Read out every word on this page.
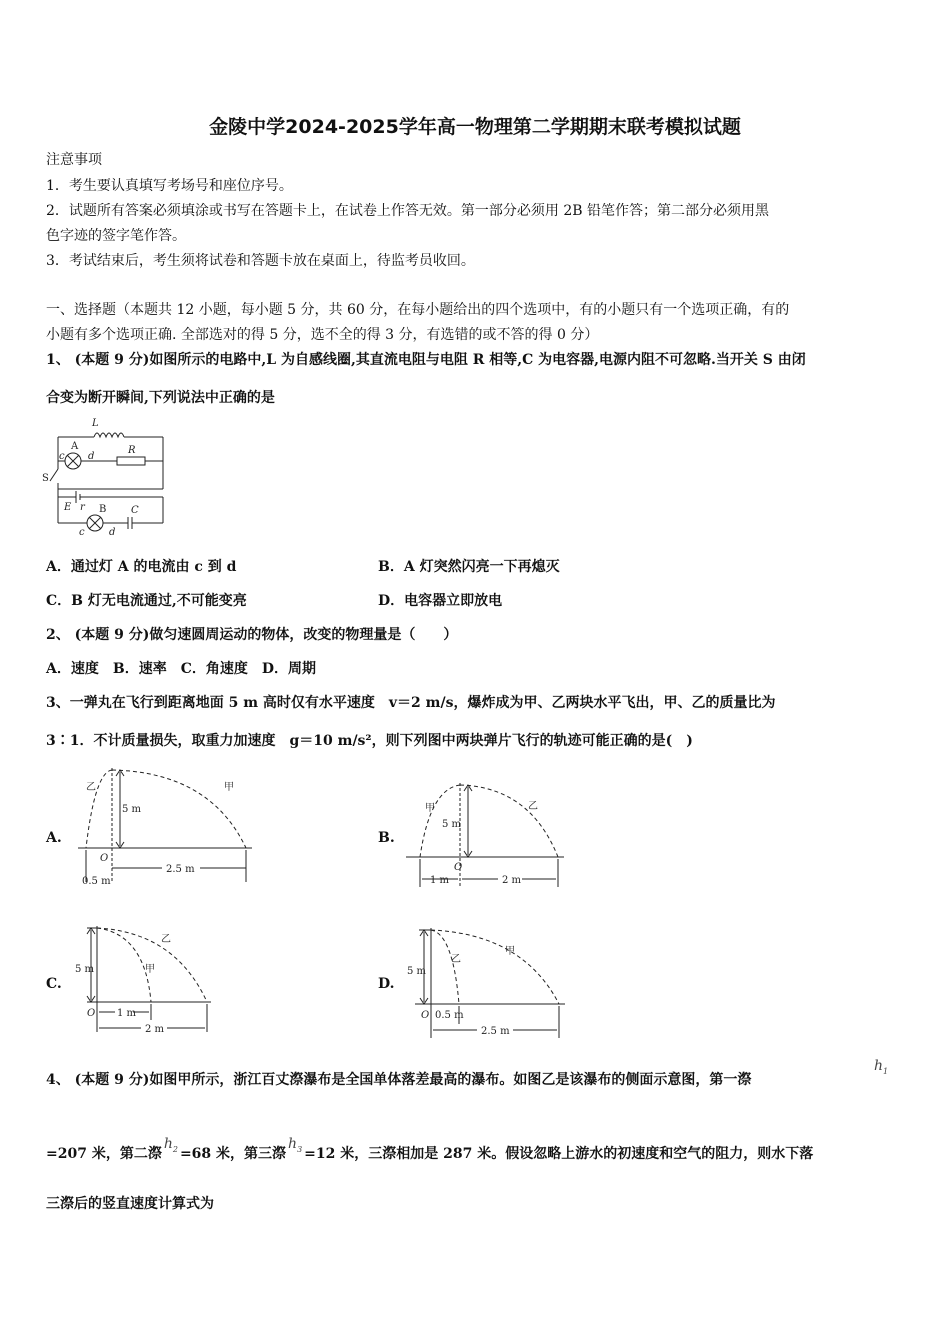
金陵中学2024-2025学年高一物理第二学期期末联考模拟试题
注意事项
1．考生要认真填写考场号和座位序号。
2．试题所有答案必须填涂或书写在答题卡上，在试卷上作答无效。第一部分必须用 2B 铅笔作答；第二部分必须用黑
色字迹的签字笔作答。
3．考试结束后，考生须将试卷和答题卡放在桌面上，待监考员收回。
一、选择题（本题共 12 小题，每小题 5 分，共 60 分，在每小题给出的四个选项中，有的小题只有一个选项正确，有的
小题有多个选项正确. 全部选对的得 5 分，选不全的得 3 分，有选错的或不答的得 0 分）
1、 (本题 9 分)如图所示的电路中,L 为自感线圈,其直流电阻与电阻 R 相等,C 为电容器,电源内阻不可忽略.当开关 S 由闭
合变为断开瞬间,下列说法中正确的是
L
A
c d
R
S
E r B
c d
C
A．通过灯 A 的电流由 c 到 d	B．A 灯突然闪亮一下再熄灭
C．B 灯无电流通过,不可能变亮	D．电容器立即放电
2、 (本题 9 分)做匀速圆周运动的物体，改变的物理量是（　　）
A．速度　B．速率　C．角速度　D．周期
3、一弹丸在飞行到距离地面 5 m 高时仅有水平速度　v＝2 m/s，爆炸成为甲、乙两块水平飞出，甲、乙的质量比为
3∶1．不计质量损失，取重力加速度　g＝10 m/s²，则下列图中两块弹片飞行的轨迹可能正确的是(　)
A.
乙	甲
5 m
O
0.5 m
2.5 m
B.
甲	乙
5 m
O
1 m	2 m
C.
乙
甲
5 m
O 1 m
2 m
D.
乙
甲
5 m
O 0.5 m
2.5 m
4、 (本题 9 分)如图甲所示，浙江百丈漈瀑布是全国单体落差最高的瀑布。如图乙是该瀑布的侧面示意图，第一漈
$h_1$
=207 米，第二漈$h_2 =68$ 米，第三漈$h_3 =12$ 米，三漈相加是 287 米。假设忽略上游水的初速度和空气的阻力，则水下落
三漈后的竖直速度计算式为
